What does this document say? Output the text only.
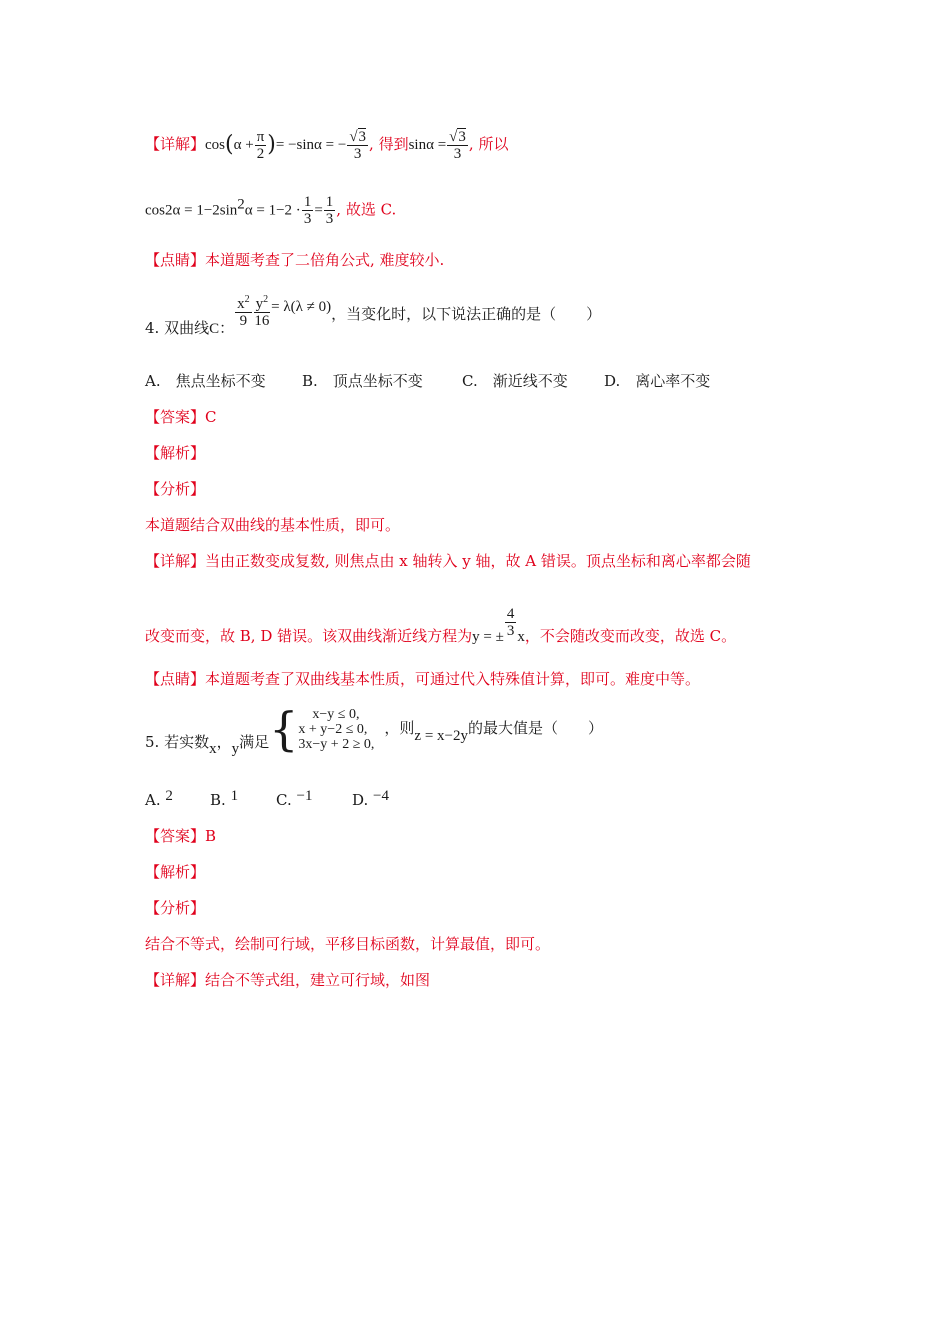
【详解】$\cos(\alpha + \frac{\pi}{2}$ )= −sinα = − $\frac{√3}{3}$ , 得到$\sin\alpha = \frac{√3}{3}$ , 所以
$\cos 2\alpha = 1-2\sin^2\alpha = 1-2 \cdot \frac{1}{3} = \frac{1}{3}$ , 故选 C.
【点睛】本道题考查了二倍角公式, 难度较小.
4. 双曲线C： $\frac{x^2}{9} \frac{y^2}{16} = \lambda(\lambda \ne 0)$，当变化时，以下说法正确的是（　　）
A.　焦点坐标不变 B.　顶点坐标不变	C.　渐近线不变 D.　离心率不变
【答案】C
【解析】
【分析】
本道题结合双曲线的基本性质，即可。
【详解】当由正数变成复数, 则焦点由 x 轴转入 y 轴，故 A 错误。顶点坐标和离心率都会随
改变而变，故 B, D 错误。该双曲线渐近线方程为y = ± $\frac{4}{3}$ x，不会随改变而改变，故选 C。
【点睛】本道题考查了双曲线基本性质，可通过代入特殊值计算，即可。难度中等。
5. 若实数x，y满足{	x−y ≤ 0,
x + y−2 ≤ 0,
3x−y + 2 ≥ 0,
，则z = x−2y的最大值是（　　）
A. 2 B. 1	C. −1	D. −4
【答案】B
【解析】
【分析】
结合不等式，绘制可行域，平移目标函数，计算最值，即可。
【详解】结合不等式组，建立可行域，如图
